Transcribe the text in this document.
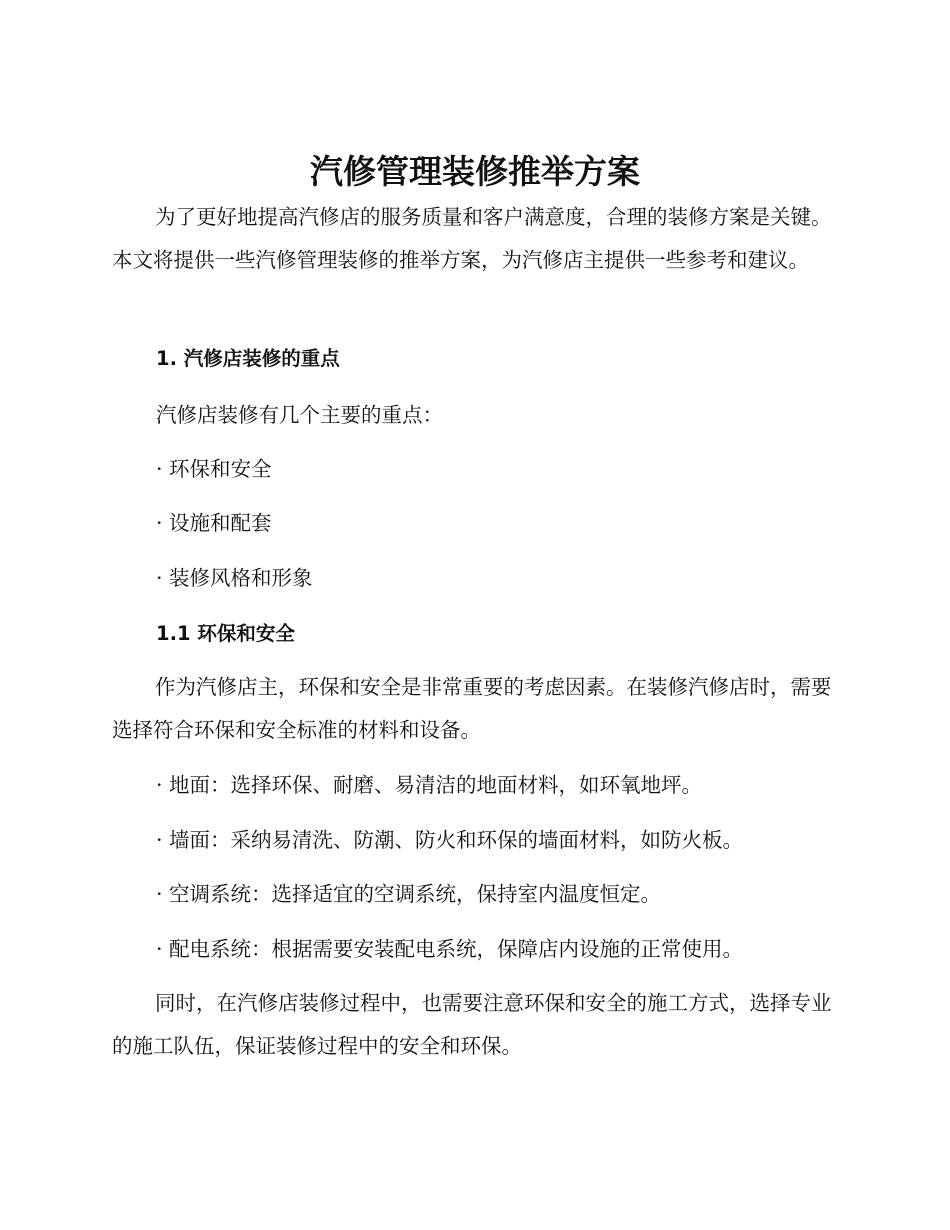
汽修管理装修推举方案

为了更好地提高汽修店的服务质量和客户满意度，合理的装修方案是关键。本文将提供一些汽修管理装修的推举方案，为汽修店主提供一些参考和建议。

1. 汽修店装修的重点

汽修店装修有几个主要的重点：

· 环保和安全

· 设施和配套

· 装修风格和形象

1.1 环保和安全

作为汽修店主，环保和安全是非常重要的考虑因素。在装修汽修店时，需要选择符合环保和安全标准的材料和设备。

· 地面：选择环保、耐磨、易清洁的地面材料，如环氧地坪。

· 墙面：采纳易清洗、防潮、防火和环保的墙面材料，如防火板。

· 空调系统：选择适宜的空调系统，保持室内温度恒定。

· 配电系统：根据需要安装配电系统，保障店内设施的正常使用。

同时，在汽修店装修过程中，也需要注意环保和安全的施工方式，选择专业的施工队伍，保证装修过程中的安全和环保。
